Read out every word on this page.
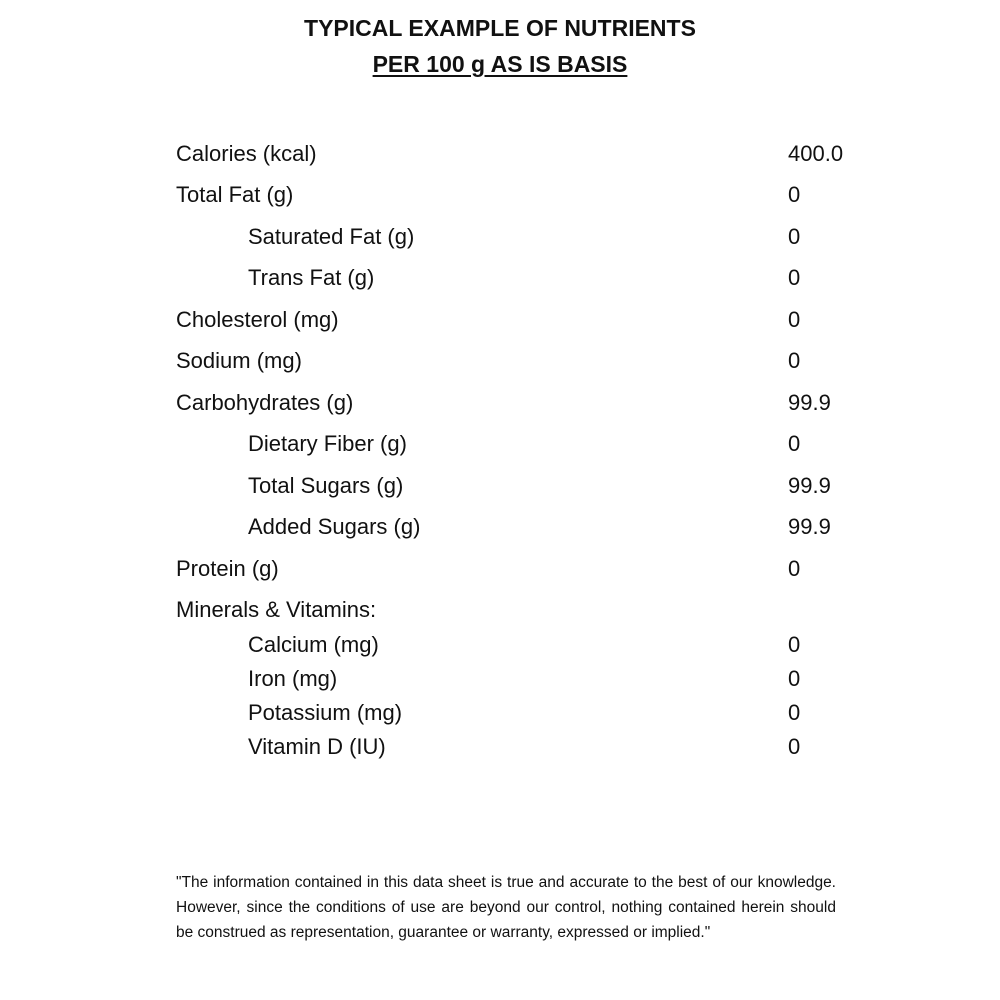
TYPICAL EXAMPLE OF NUTRIENTS
PER 100 g AS IS BASIS
Calories (kcal)	400.0
Total Fat (g)	0
Saturated Fat (g)	0
Trans Fat (g)	0
Cholesterol (mg)	0
Sodium (mg)	0
Carbohydrates (g)	99.9
Dietary Fiber (g)	0
Total Sugars (g)	99.9
Added Sugars (g)	99.9
Protein (g)	0
Minerals & Vitamins:
Calcium (mg)	0
Iron (mg)	0
Potassium (mg)	0
Vitamin D (IU)	0
"The information contained in this data sheet is true and accurate to the best of our knowledge. However, since the conditions of use are beyond our control, nothing contained herein should be construed as representation, guarantee or warranty, expressed or implied."
